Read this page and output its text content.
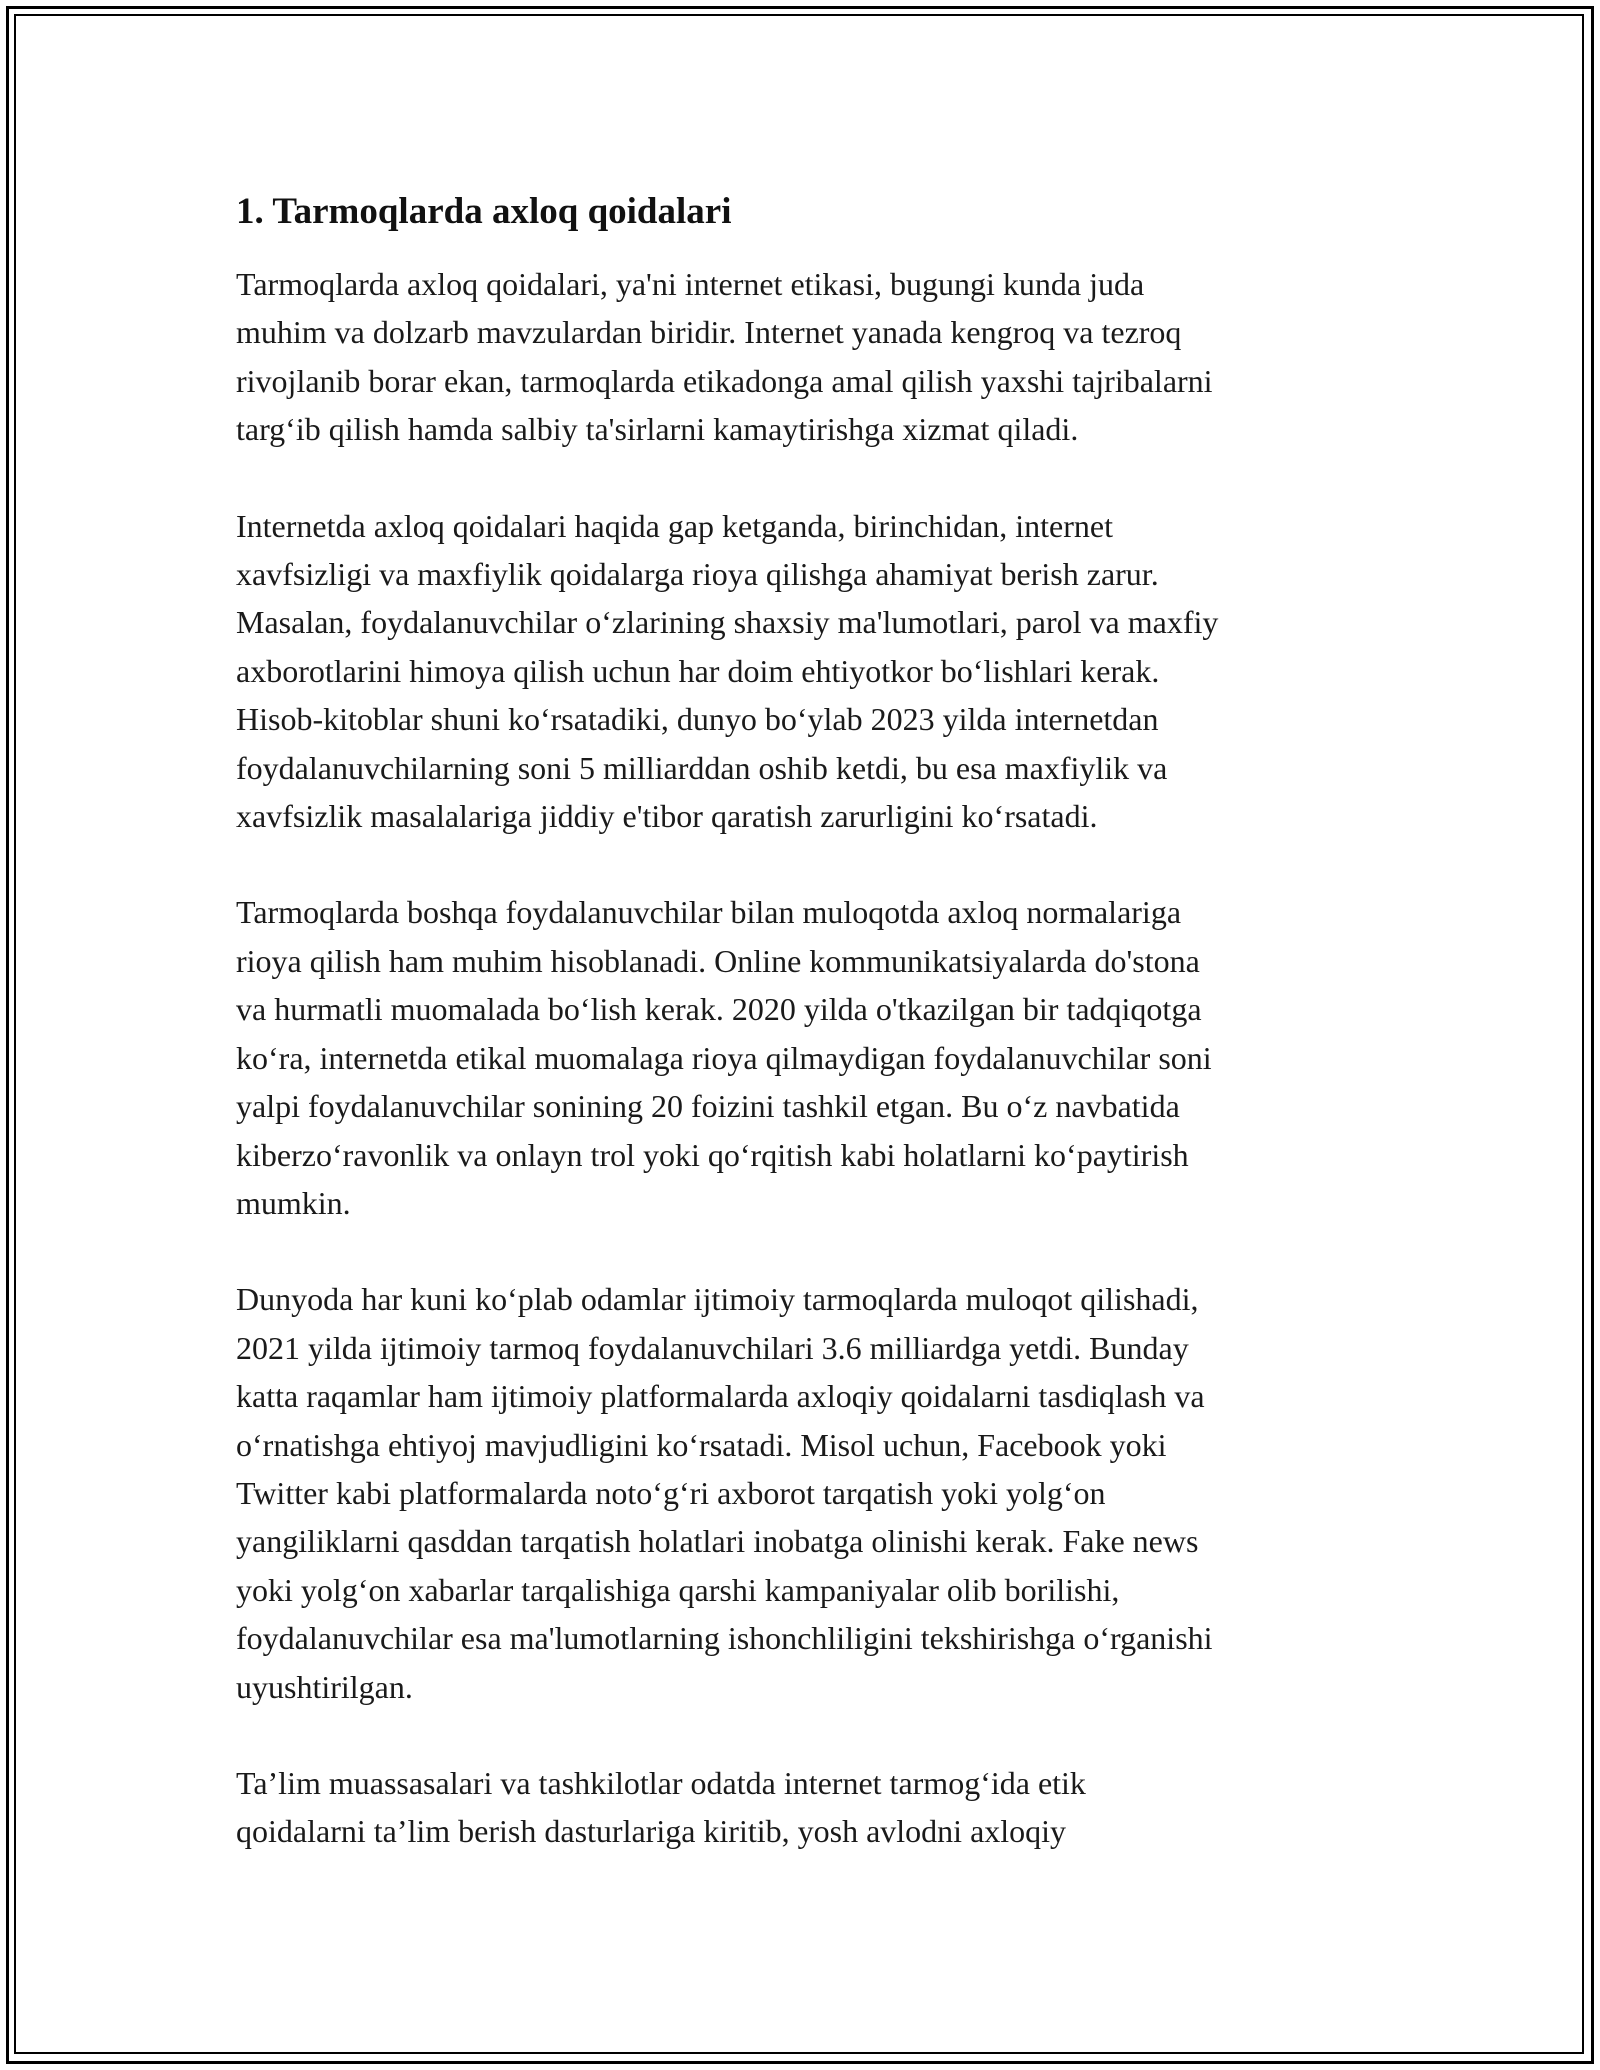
1. Tarmoqlarda axloq qoidalari

Tarmoqlarda axloq qoidalari, ya'ni internet etikasi, bugungi kunda juda
muhim va dolzarb mavzulardan biridir. Internet yanada kengroq va tezroq
rivojlanib borar ekan, tarmoqlarda etikadonga amal qilish yaxshi tajribalarni
targ‘ib qilish hamda salbiy ta'sirlarni kamaytirishga xizmat qiladi.

Internetda axloq qoidalari haqida gap ketganda, birinchidan, internet
xavfsizligi va maxfiylik qoidalarga rioya qilishga ahamiyat berish zarur.
Masalan, foydalanuvchilar o‘zlarining shaxsiy ma'lumotlari, parol va maxfiy
axborotlarini himoya qilish uchun har doim ehtiyotkor bo‘lishlari kerak.
Hisob-kitoblar shuni ko‘rsatadiki, dunyo bo‘ylab 2023 yilda internetdan
foydalanuvchilarning soni 5 milliarddan oshib ketdi, bu esa maxfiylik va
xavfsizlik masalalariga jiddiy e'tibor qaratish zarurligini ko‘rsatadi.

Tarmoqlarda boshqa foydalanuvchilar bilan muloqotda axloq normalariga
rioya qilish ham muhim hisoblanadi. Online kommunikatsiyalarda do'stona
va hurmatli muomalada bo‘lish kerak. 2020 yilda o'tkazilgan bir tadqiqotga
ko‘ra, internetda etikal muomalaga rioya qilmaydigan foydalanuvchilar soni
yalpi foydalanuvchilar sonining 20 foizini tashkil etgan. Bu o‘z navbatida
kiberzo‘ravonlik va onlayn trol yoki qo‘rqitish kabi holatlarni ko‘paytirish
mumkin.

Dunyoda har kuni ko‘plab odamlar ijtimoiy tarmoqlarda muloqot qilishadi,
2021 yilda ijtimoiy tarmoq foydalanuvchilari 3.6 milliardga yetdi. Bunday
katta raqamlar ham ijtimoiy platformalarda axloqiy qoidalarni tasdiqlash va
o‘rnatishga ehtiyoj mavjudligini ko‘rsatadi. Misol uchun, Facebook yoki
Twitter kabi platformalarda noto‘g‘ri axborot tarqatish yoki yolg‘on
yangiliklarni qasddan tarqatish holatlari inobatga olinishi kerak. Fake news
yoki yolg‘on xabarlar tarqalishiga qarshi kampaniyalar olib borilishi,
foydalanuvchilar esa ma'lumotlarning ishonchliligini tekshirishga o‘rganishi
uyushtirilgan.

Ta’lim muassasalari va tashkilotlar odatda internet tarmog‘ida etik
qoidalarni ta’lim berish dasturlariga kiritib, yosh avlodni axloqiy
